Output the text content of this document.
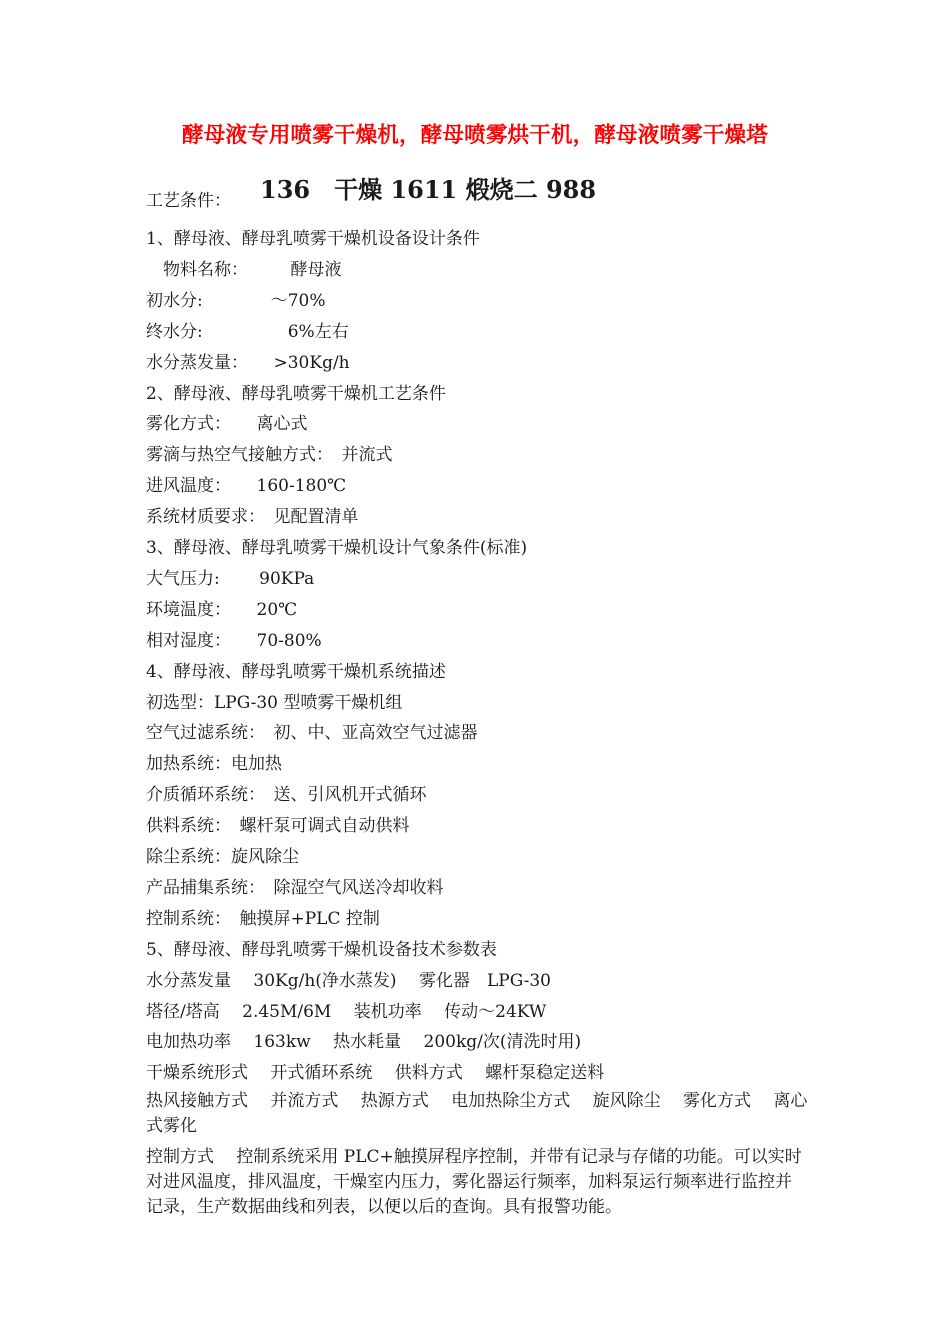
酵母液专用喷雾干燥机，酵母喷雾烘干机，酵母液喷雾干燥塔
工艺条件： 136　干燥 1611 煅烧二 988
1、酵母液、酵母乳喷雾干燥机设备设计条件
　物料名称：　　　酵母液
初水分:　　　　～70%
终水分:　　　　　6%左右
水分蒸发量：　　>30Kg/h
2、酵母液、酵母乳喷雾干燥机工艺条件
雾化方式：　　离心式
雾滴与热空气接触方式：　并流式
进风温度：　　160-180℃
系统材质要求：　见配置清单
3、酵母液、酵母乳喷雾干燥机设计气象条件(标准)
大气压力:　　 90KPa
环境温度：　　20℃
相对湿度：　　70-80%
4、酵母液、酵母乳喷雾干燥机系统描述
初选型：LPG-30 型喷雾干燥机组
空气过滤系统：　初、中、亚高效空气过滤器
加热系统：电加热
介质循环系统：　送、引风机开式循环
供料系统：　螺杆泵可调式自动供料
除尘系统：旋风除尘
产品捕集系统：　除湿空气风送冷却收料
控制系统：　触摸屏+PLC 控制
5、酵母液、酵母乳喷雾干燥机设备技术参数表
水分蒸发量　 30Kg/h(净水蒸发)　 雾化器　LPG-30
塔径/塔高　 2.45M/6M　 装机功率　 传动～24KW
电加热功率　 163kw　 热水耗量　 200kg/次(清洗时用)
干燥系统形式　 开式循环系统　 供料方式　 螺杆泵稳定送料
热风接触方式　 并流方式　 热源方式　 电加热除尘方式　 旋风除尘　 雾化方式　 离心式雾化
控制方式　 控制系统采用 PLC+触摸屏程序控制，并带有记录与存储的功能。可以实时对进风温度，排风温度，干燥室内压力，雾化器运行频率，加料泵运行频率进行监控并记录，生产数据曲线和列表，以便以后的查询。具有报警功能。
